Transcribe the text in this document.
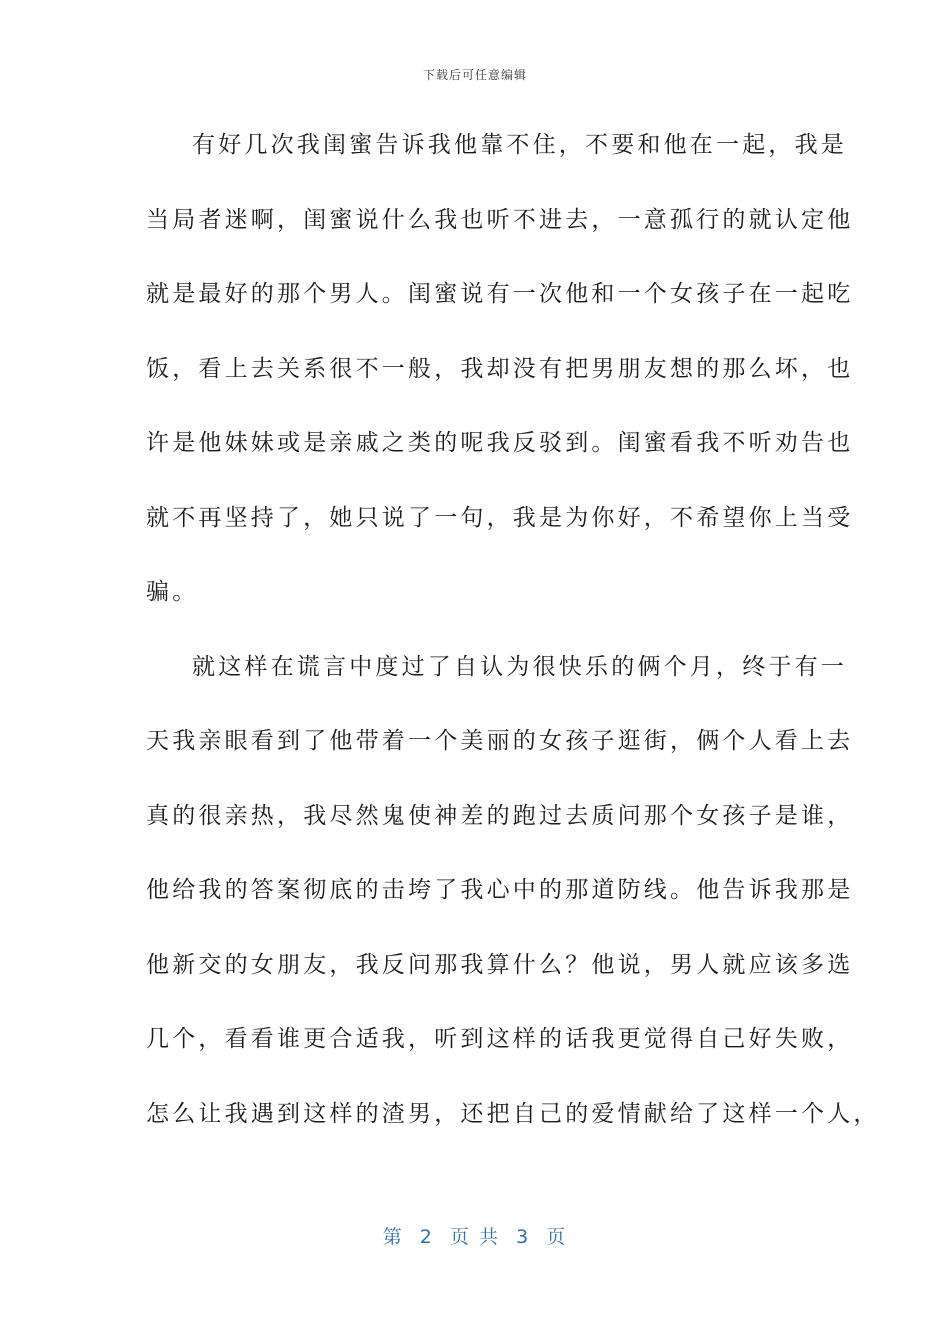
下载后可任意编辑
有好几次我闺蜜告诉我他靠不住，不要和他在一起，我是
当局者迷啊，闺蜜说什么我也听不进去，一意孤行的就认定他
就是最好的那个男人。闺蜜说有一次他和一个女孩子在一起吃
饭，看上去关系很不一般，我却没有把男朋友想的那么坏，也
许是他妹妹或是亲戚之类的呢我反驳到。闺蜜看我不听劝告也
就不再坚持了，她只说了一句，我是为你好，不希望你上当受
骗。
就这样在谎言中度过了自认为很快乐的俩个月，终于有一
天我亲眼看到了他带着一个美丽的女孩子逛街，俩个人看上去
真的很亲热，我尽然鬼使神差的跑过去质问那个女孩子是谁，
他给我的答案彻底的击垮了我心中的那道防线。他告诉我那是
他新交的女朋友，我反问那我算什么？他说，男人就应该多选
几个，看看谁更合适我，听到这样的话我更觉得自己好失败，
怎么让我遇到这样的渣男，还把自己的爱情献给了这样一个人，
第  2  页 共  3  页
